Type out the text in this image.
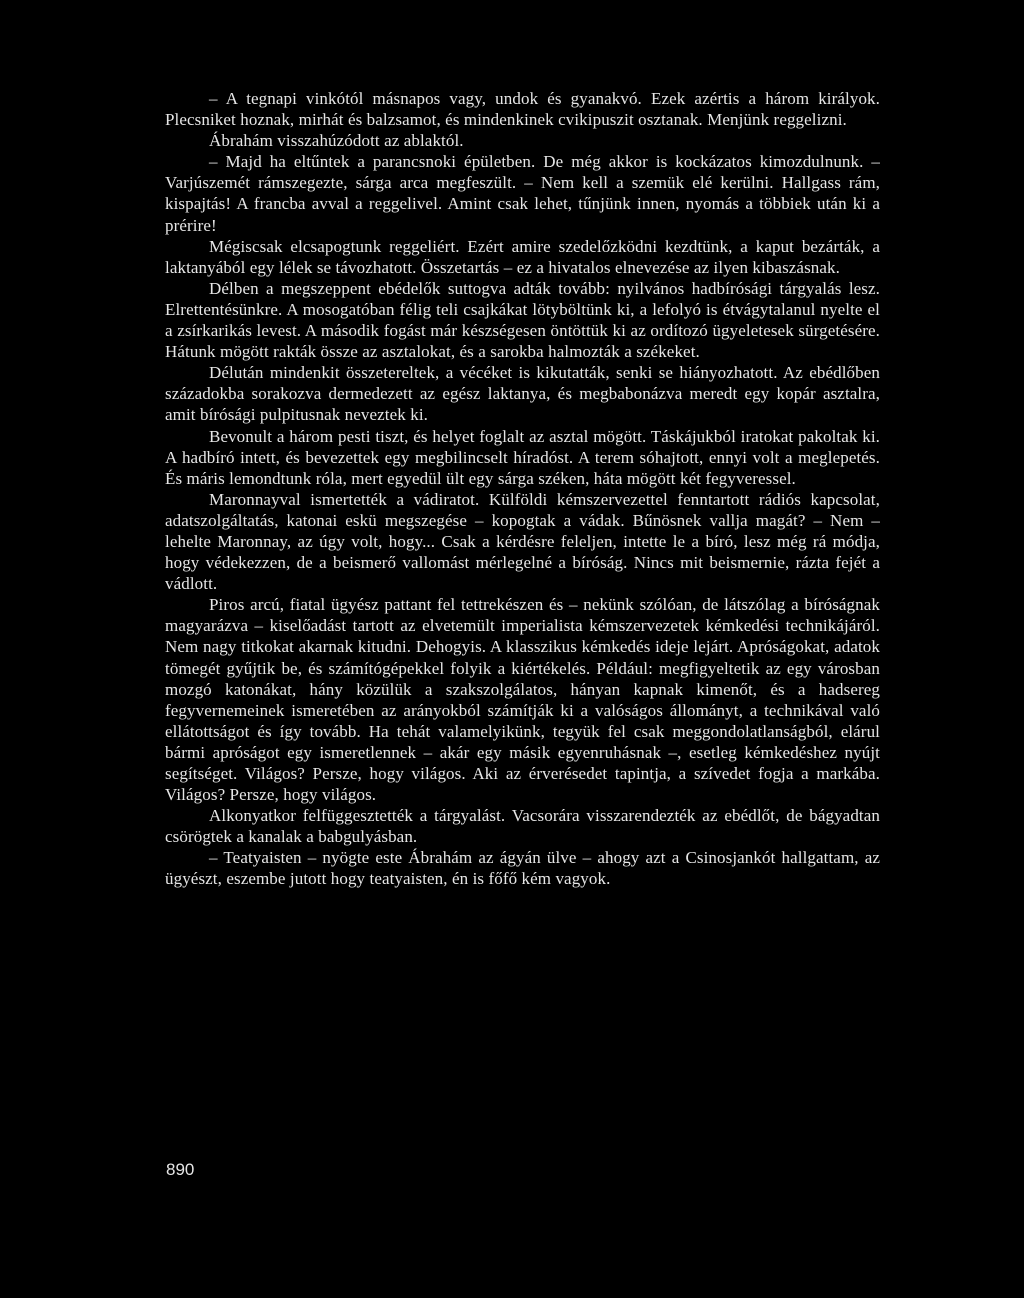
– A tegnapi vinkótól másnapos vagy, undok és gyanakvó. Ezek azértis a három királyok. Plecsniket hoznak, mirhát és balzsamot, és mindenkinek cvikipuszit osztanak. Menjünk reggelizni.

Ábrahám visszahúzódott az ablaktól.

– Majd ha eltűntek a parancsnoki épületben. De még akkor is kockázatos kimozdulnunk. – Varjúszemét rámszegezte, sárga arca megfeszült. – Nem kell a szemük elé kerülni. Hallgass rám, kispajtás! A francba avval a reggelivel. Amint csak lehet, tűnjünk innen, nyomás a többiek után ki a prérire!

Mégiscsak elcsapogtunk reggeliért. Ezért amire szedelőzködni kezdtünk, a kaput bezárták, a laktanyából egy lélek se távozhatott. Összetartás – ez a hivatalos elnevezése az ilyen kibaszásnak.

Délben a megszeppent ebédelők suttogva adták tovább: nyilvános hadbírósági tárgyalás lesz. Elrettentésünkre. A mosogatóban félig teli csajkákat lötyböltünk ki, a lefolyó is étvágytalanul nyelte el a zsírkarikás levest. A második fogást már készségesen öntöttük ki az ordítozó ügyeletesek sürgetésére. Hátunk mögött rakták össze az asztalokat, és a sarokba halmozták a székeket.

Délután mindenkit összetereltek, a vécéket is kikutatták, senki se hiányozhatott. Az ebédlőben századokba sorakozva dermedezett az egész laktanya, és megbabonázva meredt egy kopár asztalra, amit bírósági pulpitusnak neveztek ki.

Bevonult a három pesti tiszt, és helyet foglalt az asztal mögött. Táskájukból iratokat pakoltak ki. A hadbíró intett, és bevezettek egy megbilincselt híradóst. A terem sóhajtott, ennyi volt a meglepetés. És máris lemondtunk róla, mert egyedül ült egy sárga széken, háta mögött két fegyveressel.

Maronnayval ismertették a vádiratot. Külföldi kémszervezettel fenntartott rádiós kapcsolat, adatszolgáltatás, katonai eskü megszegése – kopogtak a vádak. Bűnösnek vallja magát? – Nem – lehelte Maronnay, az úgy volt, hogy... Csak a kérdésre feleljen, intette le a bíró, lesz még rá módja, hogy védekezzen, de a beismerő vallomást mérlegelné a bíróság. Nincs mit beismernie, rázta fejét a vádlott.

Piros arcú, fiatal ügyész pattant fel tettrekészen és – nekünk szólóan, de látszólag a bíróságnak magyarázva – kiselőadást tartott az elvetemült imperialista kémszervezetek kémkedési technikájáról. Nem nagy titkokat akarnak kitudni. Dehogyis. A klasszikus kémkedés ideje lejárt. Apróságokat, adatok tömegét gyűjtik be, és számítógépekkel folyik a kiértékelés. Például: megfigyeltetik az egy városban mozgó katonákat, hány közülük a szakszolgálatos, hányan kapnak kimenőt, és a hadsereg fegyvernemeinek ismeretében az arányokból számítják ki a valóságos állományt, a technikával való ellátottságot és így tovább. Ha tehát valamelyikünk, tegyük fel csak meggondolatlanságból, elárul bármi apróságot egy ismeretlennek – akár egy másik egyenruhásnak –, esetleg kémkedéshez nyújt segítséget. Világos? Persze, hogy világos. Aki az érverésedet tapintja, a szívedet fogja a markába. Világos? Persze, hogy világos.

Alkonyatkor felfüggesztették a tárgyalást. Vacsorára visszarendezték az ebédlőt, de bágyadtan csörögtek a kanalak a babgulyásban.

– Teatyaisten – nyögte este Ábrahám az ágyán ülve – ahogy azt a Csinosjankót hallgattam, az ügyészt, eszembe jutott hogy teatyaisten, én is főfő kém vagyok.

890
